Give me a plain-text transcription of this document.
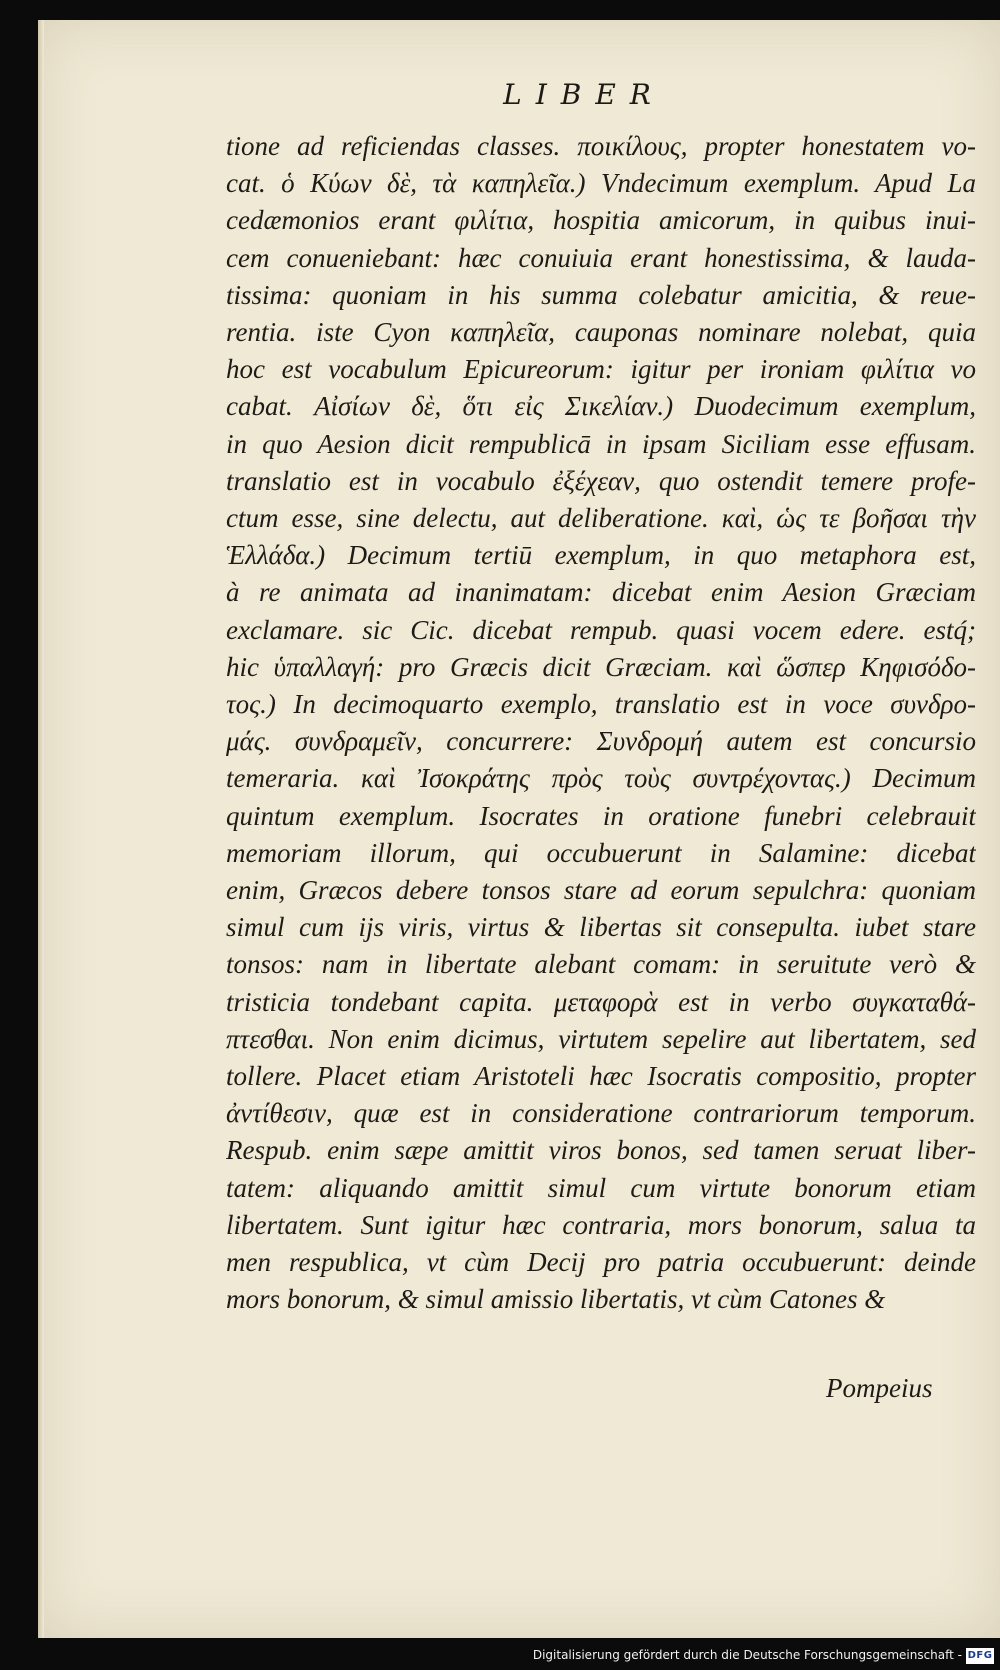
LIBER
tione ad reficiendas classes. ποικίλους, propter honestatem vo-
cat. ὁ Κύων δὲ, τὰ καπηλεῖα.) Vndecimum exemplum. Apud La
cedæmonios erant φιλίτια, hospitia amicorum, in quibus inui-
cem conueniebant: hæc conuiuia erant honestissima, & lauda-
tissima: quoniam in his summa colebatur amicitia, & reue-
rentia. iste Cyon καπηλεῖα, cauponas nominare nolebat, quia
hoc est vocabulum Epicureorum: igitur per ironiam φιλίτια vo
cabat. Αἰσίων δὲ, ὅτι εἰς Σικελίαν.) Duodecimum exemplum,
in quo Aesion dicit rempublicā in ipsam Siciliam esse effusam.
translatio est in vocabulo ἐξέχεαν, quo ostendit temere profe-
ctum esse, sine delectu, aut deliberatione. καὶ, ὡς τε βοῆσαι τὴν
Ἑλλάδα.) Decimum tertiū exemplum, in quo metaphora est,
à re animata ad inanimatam: dicebat enim Aesion Græciam
exclamare. sic Cic. dicebat rempub. quasi vocem edere. estq́;
hic ὑπαλλαγή: pro Græcis dicit Græciam. καὶ ὥσπερ Κηφισόδο-
τος.) In decimoquarto exemplo, translatio est in voce συνδρο-
μάς. συνδραμεῖν, concurrere: Συνδρομή autem est concursio
temeraria. καὶ Ἰσοκράτης πρὸς τοὺς συντρέχοντας.) Decimum
quintum exemplum. Isocrates in oratione funebri celebrauit
memoriam illorum, qui occubuerunt in Salamine: dicebat
enim, Græcos debere tonsos stare ad eorum sepulchra: quoniam
simul cum ijs viris, virtus & libertas sit consepulta. iubet stare
tonsos: nam in libertate alebant comam: in seruitute verò &
tristicia tondebant capita. μεταφορὰ est in verbo συγκαταθά-
πτεσθαι. Non enim dicimus, virtutem sepelire aut libertatem, sed
tollere. Placet etiam Aristoteli hæc Isocratis compositio, propter
ἀντίθεσιν, quæ est in consideratione contrariorum temporum.
Respub. enim sæpe amittit viros bonos, sed tamen seruat liber-
tatem: aliquando amittit simul cum virtute bonorum etiam
libertatem. Sunt igitur hæc contraria, mors bonorum, salua ta
men respublica, vt cùm Decij pro patria occubuerunt: deinde
mors bonorum, & simul amissio libertatis, vt cùm Catones &
Pompeius
Digitalisierung gefördert durch die Deutsche Forschungsgemeinschaft - DFG
